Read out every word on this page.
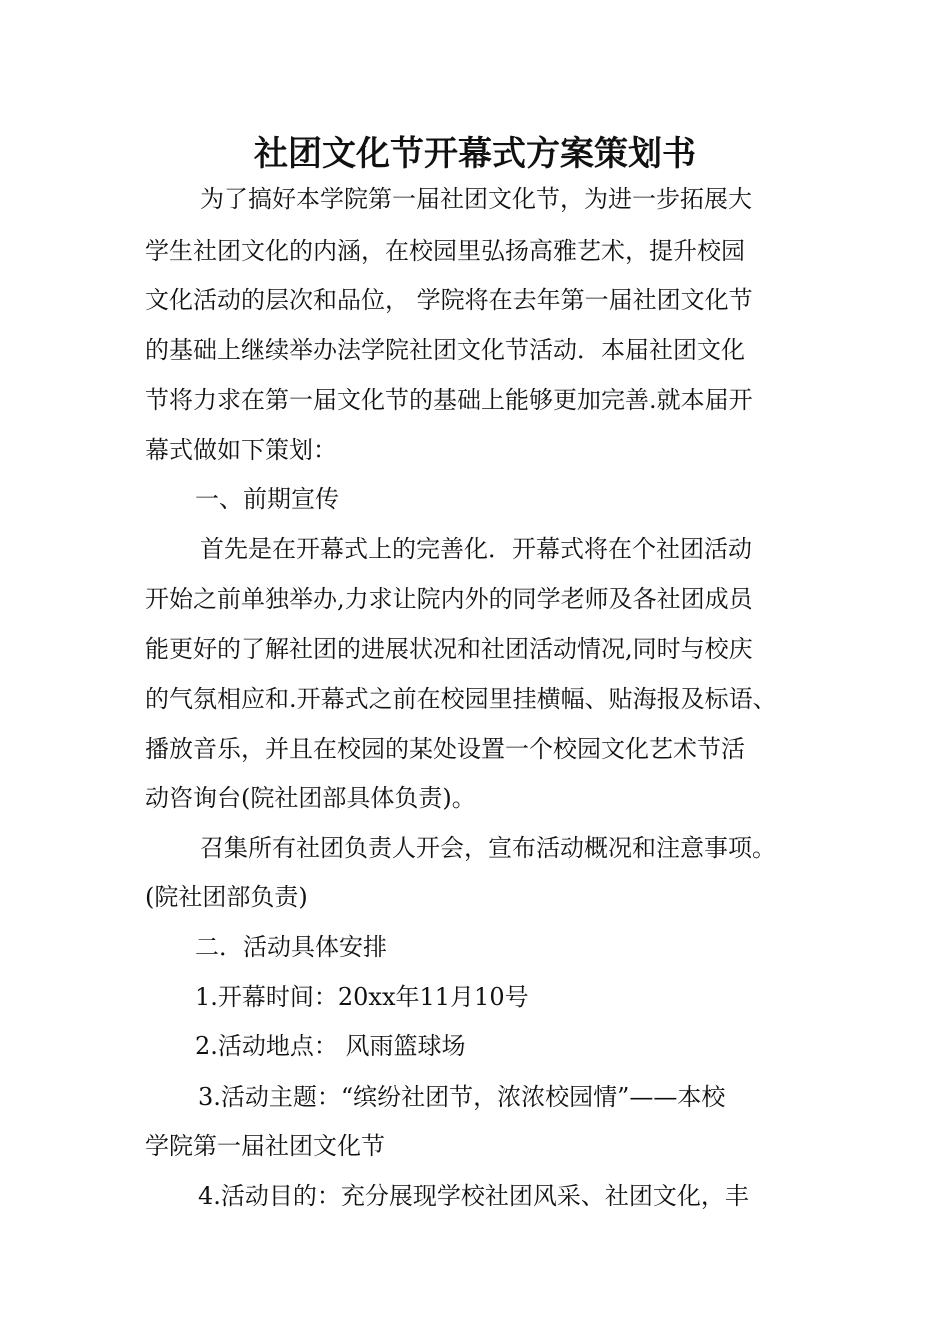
社团文化节开幕式方案策划书
为了搞好本学院第一届社团文化节，为进一步拓展大
学生社团文化的内涵，在校园里弘扬高雅艺术，提升校园
文化活动的层次和品位， 学院将在去年第一届社团文化节
的基础上继续举办法学院社团文化节活动．本届社团文化
节将力求在第一届文化节的基础上能够更加完善.就本届开
幕式做如下策划：
一、前期宣传
首先是在开幕式上的完善化．开幕式将在个社团活动
开始之前单独举办,力求让院内外的同学老师及各社团成员
能更好的了解社团的进展状况和社团活动情况,同时与校庆
的气氛相应和.开幕式之前在校园里挂横幅、贴海报及标语、
播放音乐，并且在校园的某处设置一个校园文化艺术节活
动咨询台(院社团部具体负责)。
召集所有社团负责人开会，宣布活动概况和注意事项。
(院社团部负责)
二．活动具体安排
1.开幕时间：20xx年11月10号
2.活动地点： 风雨篮球场
3.活动主题：“缤纷社团节，浓浓校园情”——本校
学院第一届社团文化节
4.活动目的：充分展现学校社团风采、社团文化，丰
